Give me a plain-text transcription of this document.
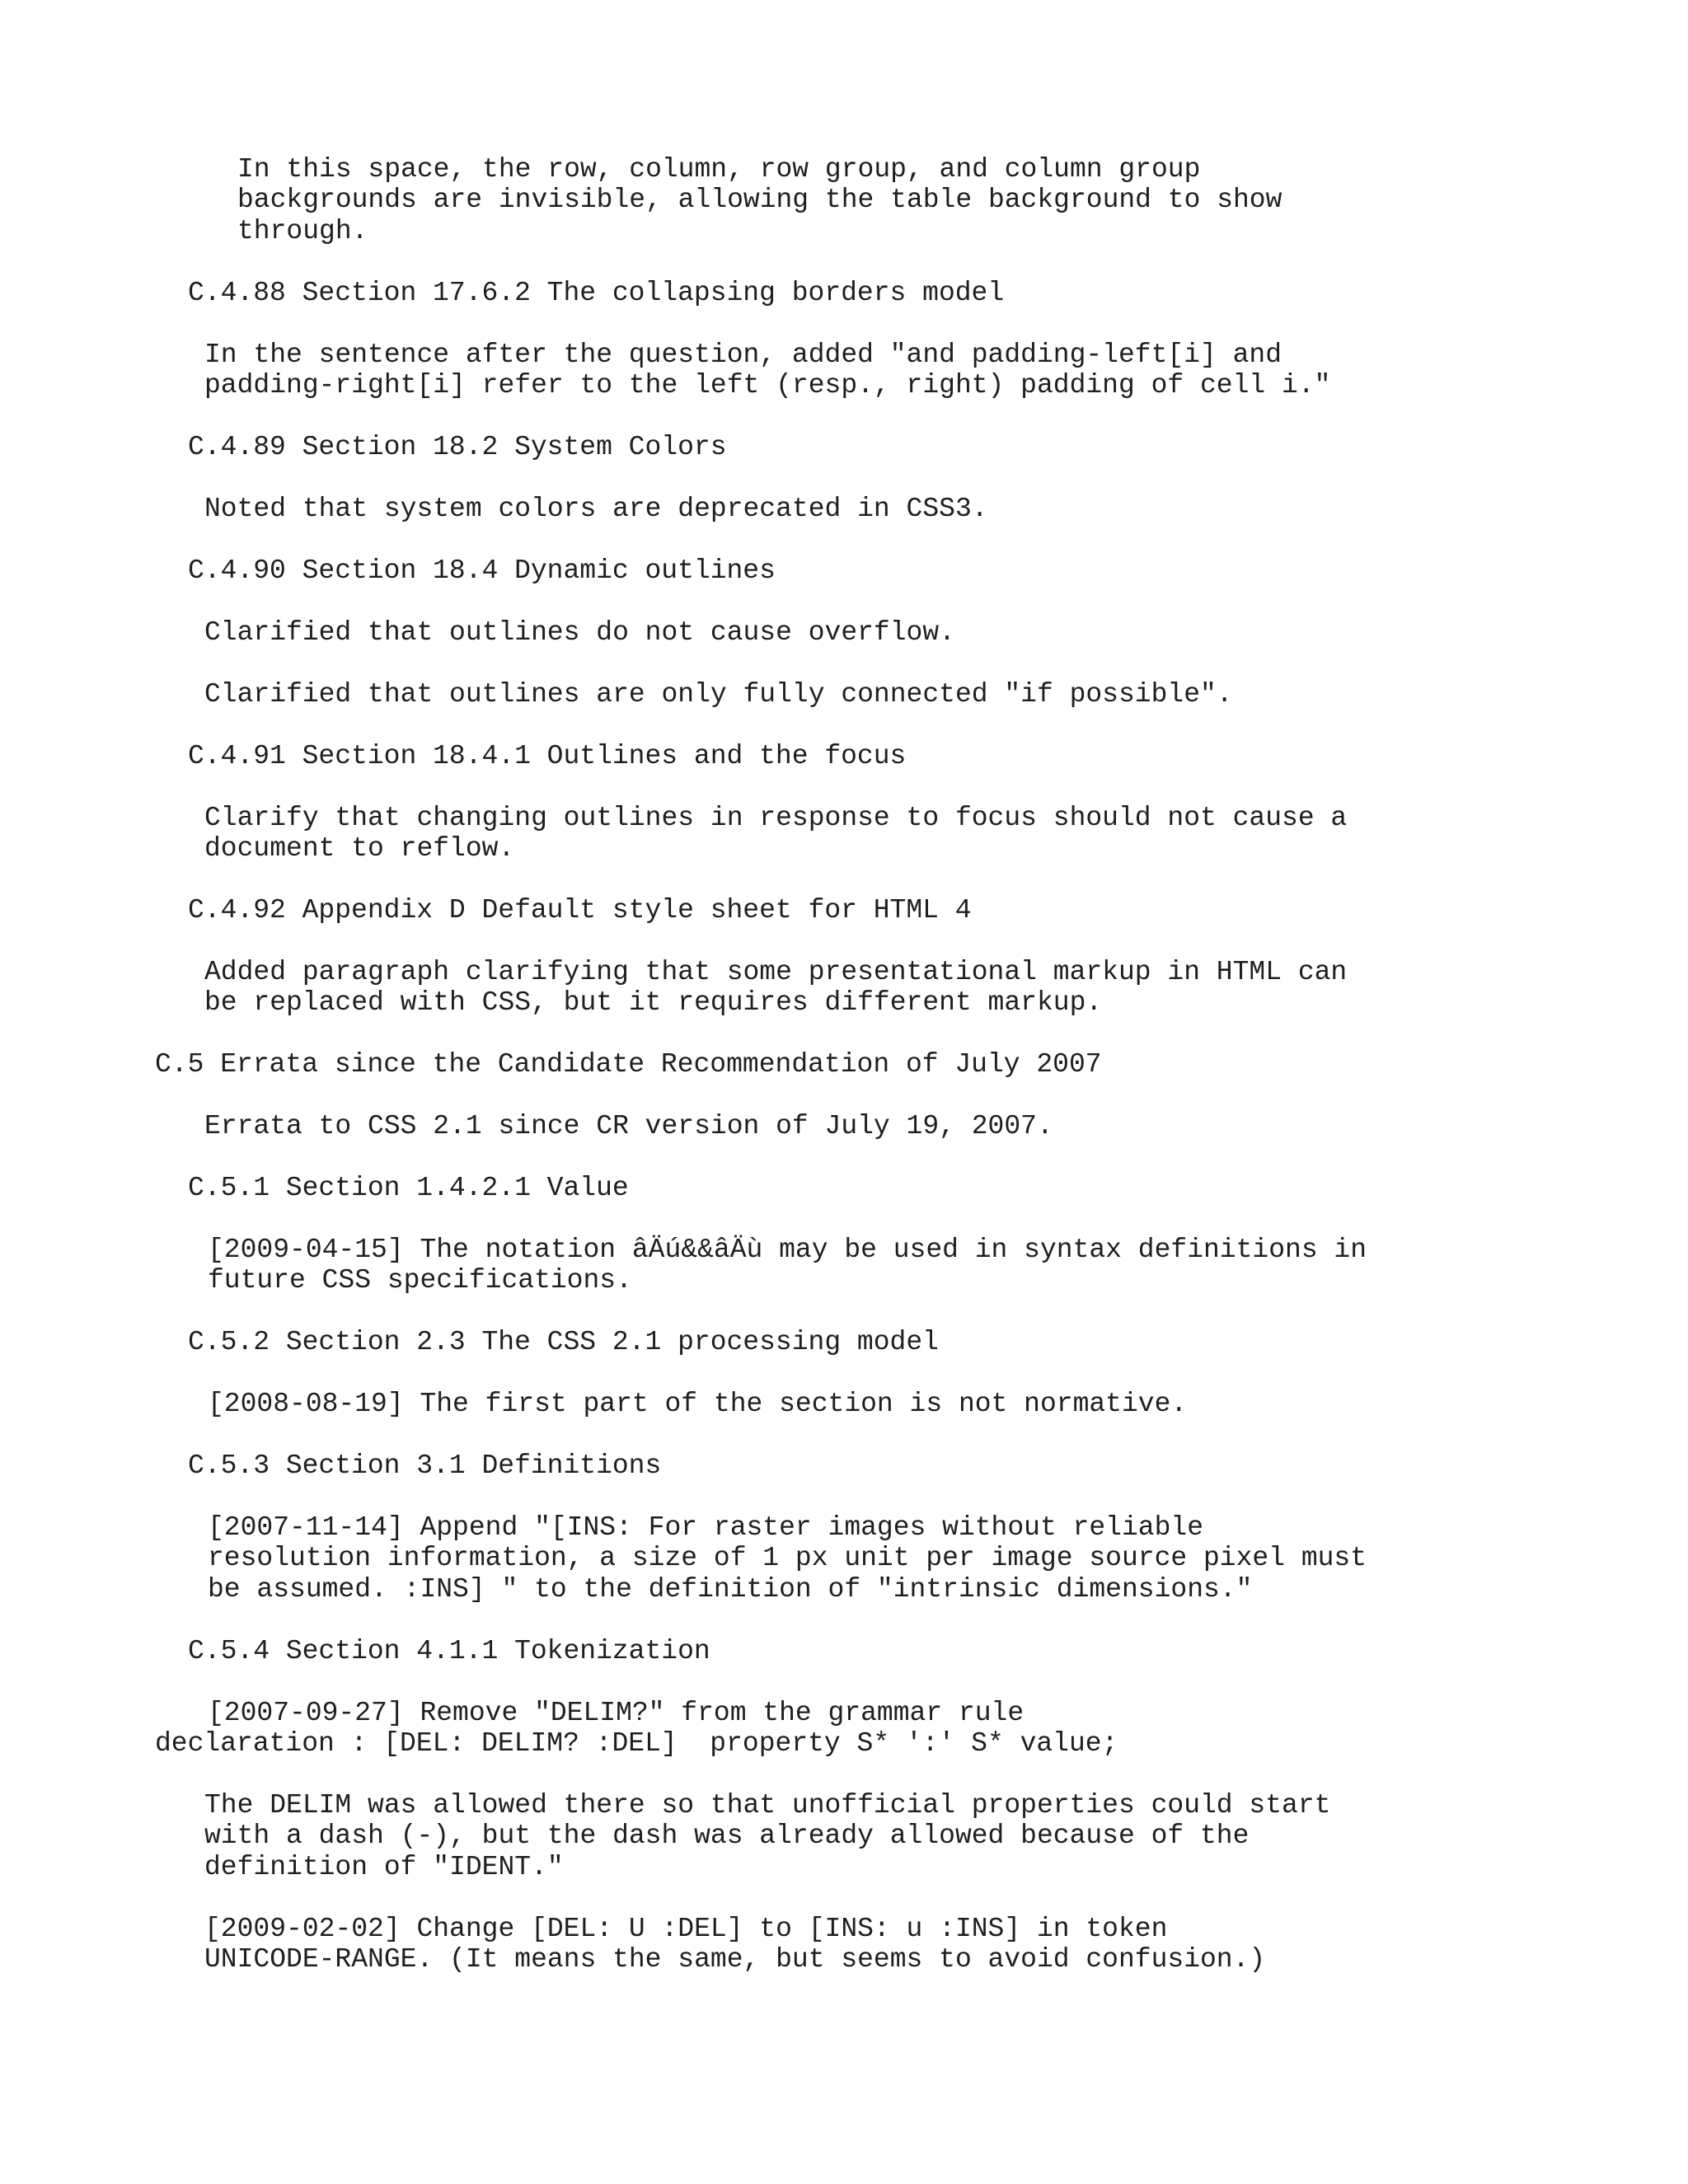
In this space, the row, column, row group, and column group

backgrounds are invisible, allowing the table background to show

through.

C.4.88 Section 17.6.2 The collapsing borders model

In the sentence after the question, added "and padding-left[i] and

padding-right[i] refer to the left (resp., right) padding of cell i."

C.4.89 Section 18.2 System Colors

Noted that system colors are deprecated in CSS3.

C.4.90 Section 18.4 Dynamic outlines

Clarified that outlines do not cause overflow.

Clarified that outlines are only fully connected "if possible".

C.4.91 Section 18.4.1 Outlines and the focus

Clarify that changing outlines in response to focus should not cause a

document to reflow.

C.4.92 Appendix D Default style sheet for HTML 4

Added paragraph clarifying that some presentational markup in HTML can

be replaced with CSS, but it requires different markup.

C.5 Errata since the Candidate Recommendation of July 2007

Errata to CSS 2.1 since CR version of July 19, 2007.

C.5.1 Section 1.4.2.1 Value

[2009-04-15] The notation âÄú&&âÄù may be used in syntax definitions in

future CSS specifications.

C.5.2 Section 2.3 The CSS 2.1 processing model

[2008-08-19] The first part of the section is not normative.

C.5.3 Section 3.1 Definitions

[2007-11-14] Append "[INS: For raster images without reliable

resolution information, a size of 1 px unit per image source pixel must

be assumed. :INS] " to the definition of "intrinsic dimensions."

C.5.4 Section 4.1.1 Tokenization

[2007-09-27] Remove "DELIM?" from the grammar rule

declaration : [DEL: DELIM? :DEL]  property S* ':' S* value;

The DELIM was allowed there so that unofficial properties could start

with a dash (-), but the dash was already allowed because of the

definition of "IDENT."

[2009-02-02] Change [DEL: U :DEL] to [INS: u :INS] in token

UNICODE-RANGE. (It means the same, but seems to avoid confusion.)
